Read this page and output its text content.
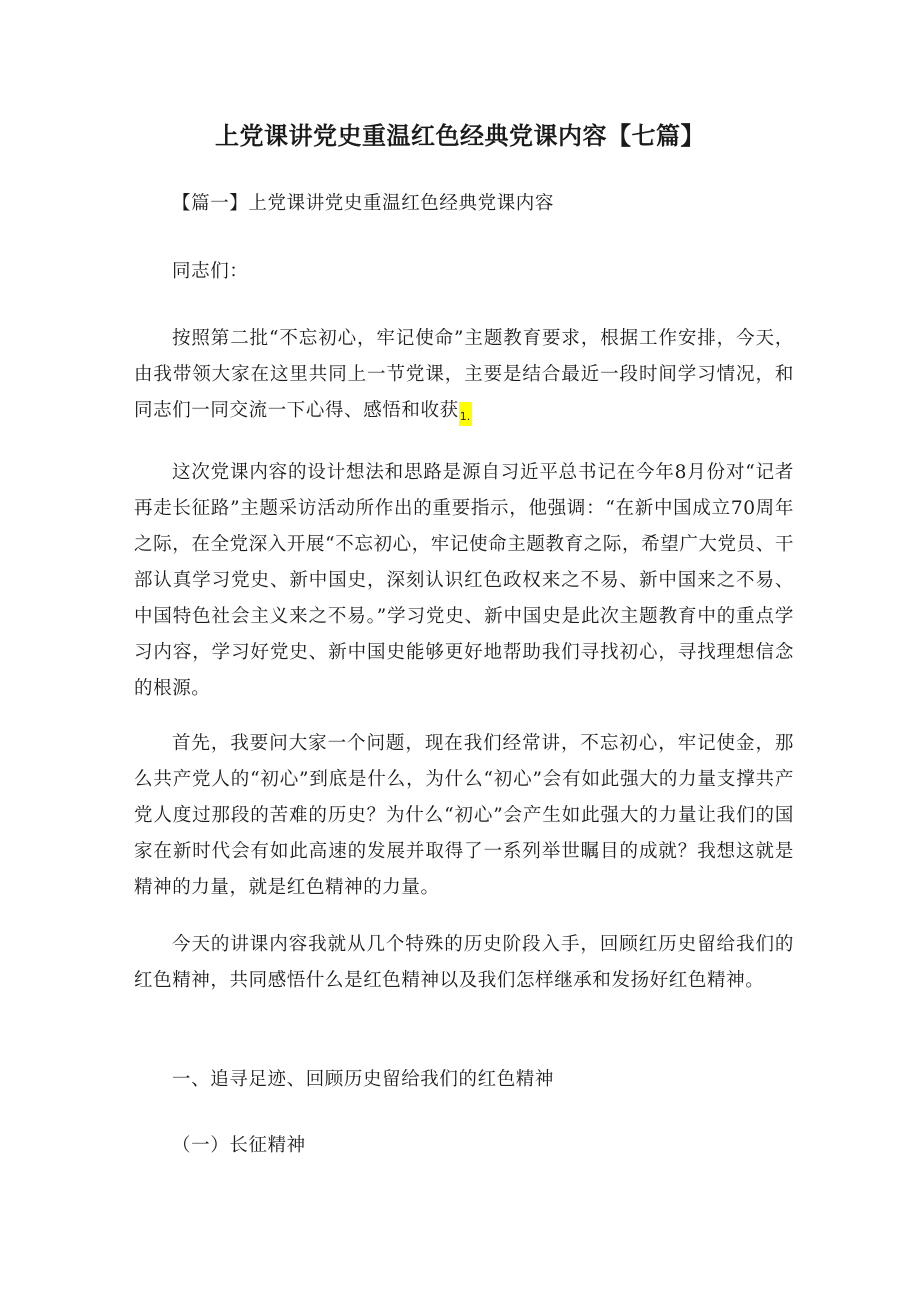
上党课讲党史重温红色经典党课内容【七篇】
【篇一】上党课讲党史重温红色经典党课内容
同志们：

按照第二批“不忘初心，牢记使命”主题教育要求，根据工作安排，今天，由我带领大家在这里共同上一节党课，主要是结合最近一段时间学习情况，和同志们一同交流一下心得、感悟和收获1.

这次党课内容的设计想法和思路是源自习近平总书记在今年8月份对“记者再走长征路”主题采访活动所作出的重要指示，他强调：“在新中国成立70周年之际，在全党深入开展“不忘初心，牢记使命主题教育之际，希望广大党员、干部认真学习党史、新中国史，深刻认识红色政权来之不易、新中国来之不易、中国特色社会主义来之不易。”学习党史、新中国史是此次主题教育中的重点学习内容，学习好党史、新中国史能够更好地帮助我们寻找初心，寻找理想信念的根源。

首先，我要问大家一个问题，现在我们经常讲，不忘初心，牢记使金，那么共产党人的“初心”到底是什么，为什么“初心”会有如此强大的力量支撑共产党人度过那段的苦难的历史？为什么“初心”会产生如此强大的力量让我们的国家在新时代会有如此高速的发展并取得了一系列举世瞩目的成就？我想这就是精神的力量，就是红色精神的力量。

今天的讲课内容我就从几个特殊的历史阶段入手，回顾红历史留给我们的红色精神，共同感悟什么是红色精神以及我们怎样继承和发扬好红色精神。

一、追寻足迹、回顾历史留给我们的红色精神
（一）长征精神
